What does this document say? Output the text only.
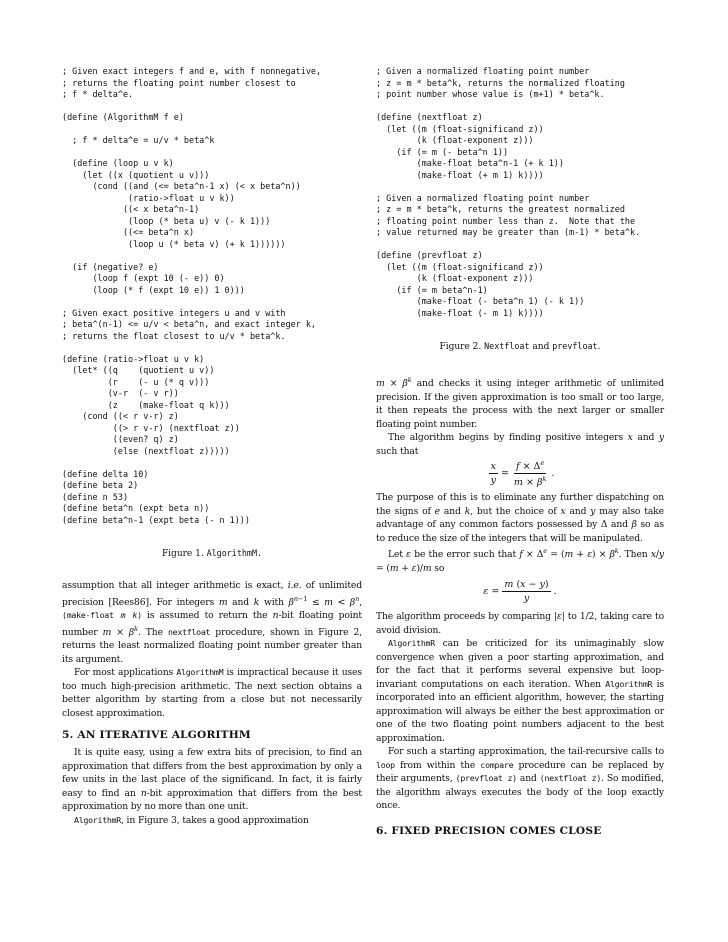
; Given exact integers f and e, with f nonnegative,
; returns the floating point number closest to
; f * delta^e.

(define (AlgorithmM f e)

; f * delta^e = u/v * beta^k

(define (loop u v k)
(let ((x (quotient u v)))
(cond ((and (<= beta^n-1 x) (< x beta^n))
(ratio->float u v k))
((< x beta^n-1)
(loop (* beta u) v (- k 1)))
((<= beta^n x)
(loop u (* beta v) (+ k 1))))))

(if (negative? e)
(loop f (expt 10 (- e)) 0)
(loop (* f (expt 10 e)) 1 0)))

; Given exact positive integers u and v with
; beta^(n-1) <= u/v < beta^n, and exact integer k,
; returns the float closest to u/v * beta^k.

(define (ratio->float u v k)
(let* ((q    (quotient u v))
(r    (- u (* q v)))
(v-r  (- v r))
(z    (make-float q k)))
(cond ((< r v-r) z)
((> r v-r) (nextfloat z))
((even? q) z)
(else (nextfloat z)))))

(define delta 10)
(define beta 2)
(define n 53)
(define beta^n (expt beta n))
(define beta^n-1 (expt beta (- n 1)))

Figure 1. AlgorithmM.

assumption that all integer arithmetic is exact, i.e. of unlimited precision [Rees86]. For integers m and k with $\beta^{n-1} \le m < \beta^n$, (make-float m k) is assumed to return the n-bit floating point number $m \times \beta^k$. The nextfloat procedure, shown in Figure 2, returns the least normalized floating point number greater than its argument.

For most applications AlgorithmM is impractical because it uses too much high-precision arithmetic. The next section obtains a better algorithm by starting from a close but not necessarily closest approximation.

5. AN ITERATIVE ALGORITHM

It is quite easy, using a few extra bits of precision, to find an approximation that differs from the best approximation by only a few units in the last place of the significand. In fact, it is fairly easy to find an n-bit approximation that differs from the best approximation by no more than one unit.

AlgorithmR, in Figure 3, takes a good approximation

; Given a normalized floating point number
; z = m * beta^k, returns the normalized floating
; point number whose value is (m+1) * beta^k.

(define (nextfloat z)
(let ((m (float-significand z))
(k (float-exponent z)))
(if (= m (- beta^n 1))
(make-float beta^n-1 (+ k 1))
(make-float (+ m 1) k))))

; Given a normalized floating point number
; z = m * beta^k, returns the greatest normalized
; floating point number less than z.  Note that the
; value returned may be greater than (m-1) * beta^k.

(define (prevfloat z)
(let ((m (float-significand z))
(k (float-exponent z)))
(if (= m beta^n-1)
(make-float (- beta^n 1) (- k 1))
(make-float (- m 1) k))))

Figure 2. Nextfloat and prevfloat.

$m \times \beta^k$ and checks it using integer arithmetic of unlimited precision. If the given approximation is too small or too large, it then repeats the process with the next larger or smaller floating point number.

The algorithm begins by finding positive integers x and y such that

$\frac{x}{y} = \frac{f \times \Delta^e}{m \times \beta^k}$ .

The purpose of this is to eliminate any further dispatching on the signs of e and k, but the choice of x and y may also take advantage of any common factors possessed by Δ and β so as to reduce the size of the integers that will be manipulated.

Let ε be the error such that $f \times \Delta^e = (m + \varepsilon) \times \beta^k$. Then x/y = (m + ε)/m so

$\varepsilon = \frac{m (x - y)}{y}$ .

The algorithm proceeds by comparing |ε| to 1/2, taking care to avoid division.

AlgorithmR can be criticized for its unimaginably slow convergence when given a poor starting approximation, and for the fact that it performs several expensive but loop-invariant computations on each iteration. When AlgorithmR is incorporated into an efficient algorithm, however, the starting approximation will always be either the best approximation or one of the two floating point numbers adjacent to the best approximation.

For such a starting approximation, the tail-recursive calls to loop from within the compare procedure can be replaced by their arguments, (prevfloat z) and (nextfloat z). So modified, the algorithm always executes the body of the loop exactly once.

6. FIXED PRECISION COMES CLOSE
